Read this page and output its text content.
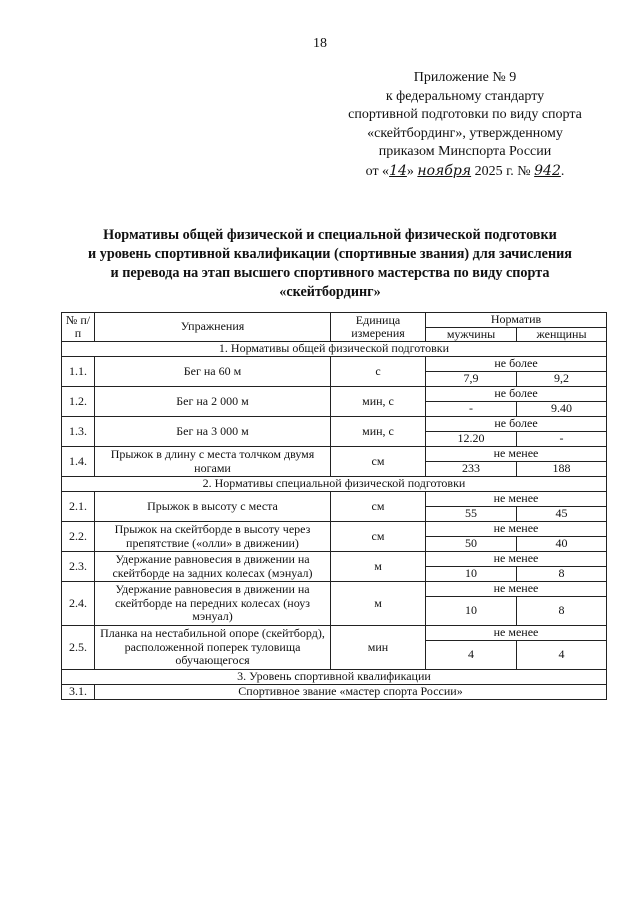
18
Приложение № 9
к федеральному стандарту
спортивной подготовки по виду спорта
«скейтбординг», утвержденному
приказом Минспорта России
от «14» ноября 2025 г. № 942.
Нормативы общей физической и специальной физической подготовки
и уровень спортивной квалификации (спортивные звания) для зачисления
и перевода на этап высшего спортивного мастерства по виду спорта
«скейтбординг»
№ п/п	Упражнения	Единица измерения	Норматив	
			мужчины	женщины
1. Нормативы общей физической подготовки				
1.1.	Бег на 60 м	с	не более	
			7,9	9,2
1.2.	Бег на 2 000 м	мин, с	не более	
			-	9.40
1.3.	Бег на 3 000 м	мин, с	не более	
			12.20	-
1.4.	Прыжок в длину с места толчком двумя ногами	см	не менее	
			233	188
2. Нормативы специальной физической подготовки				
2.1.	Прыжок в высоту с места	см	не менее	
			55	45
2.2.	Прыжок на скейтборде в высоту через препятствие («олли» в движении)	см	не менее	
			50	40
2.3.	Удержание равновесия в движении на скейтборде на задних колесах (мэнуал)	м	не менее	
			10	8
2.4.	Удержание равновесия в движении на скейтборде на передних колесах (ноуз мэнуал)	м	не менее	
			10	8
2.5.	Планка на нестабильной опоре (скейтборд), расположенной поперек туловища обучающегося	мин	не менее	
			4	4
3. Уровень спортивной квалификации				
3.1.	Спортивное звание «мастер спорта России»			
